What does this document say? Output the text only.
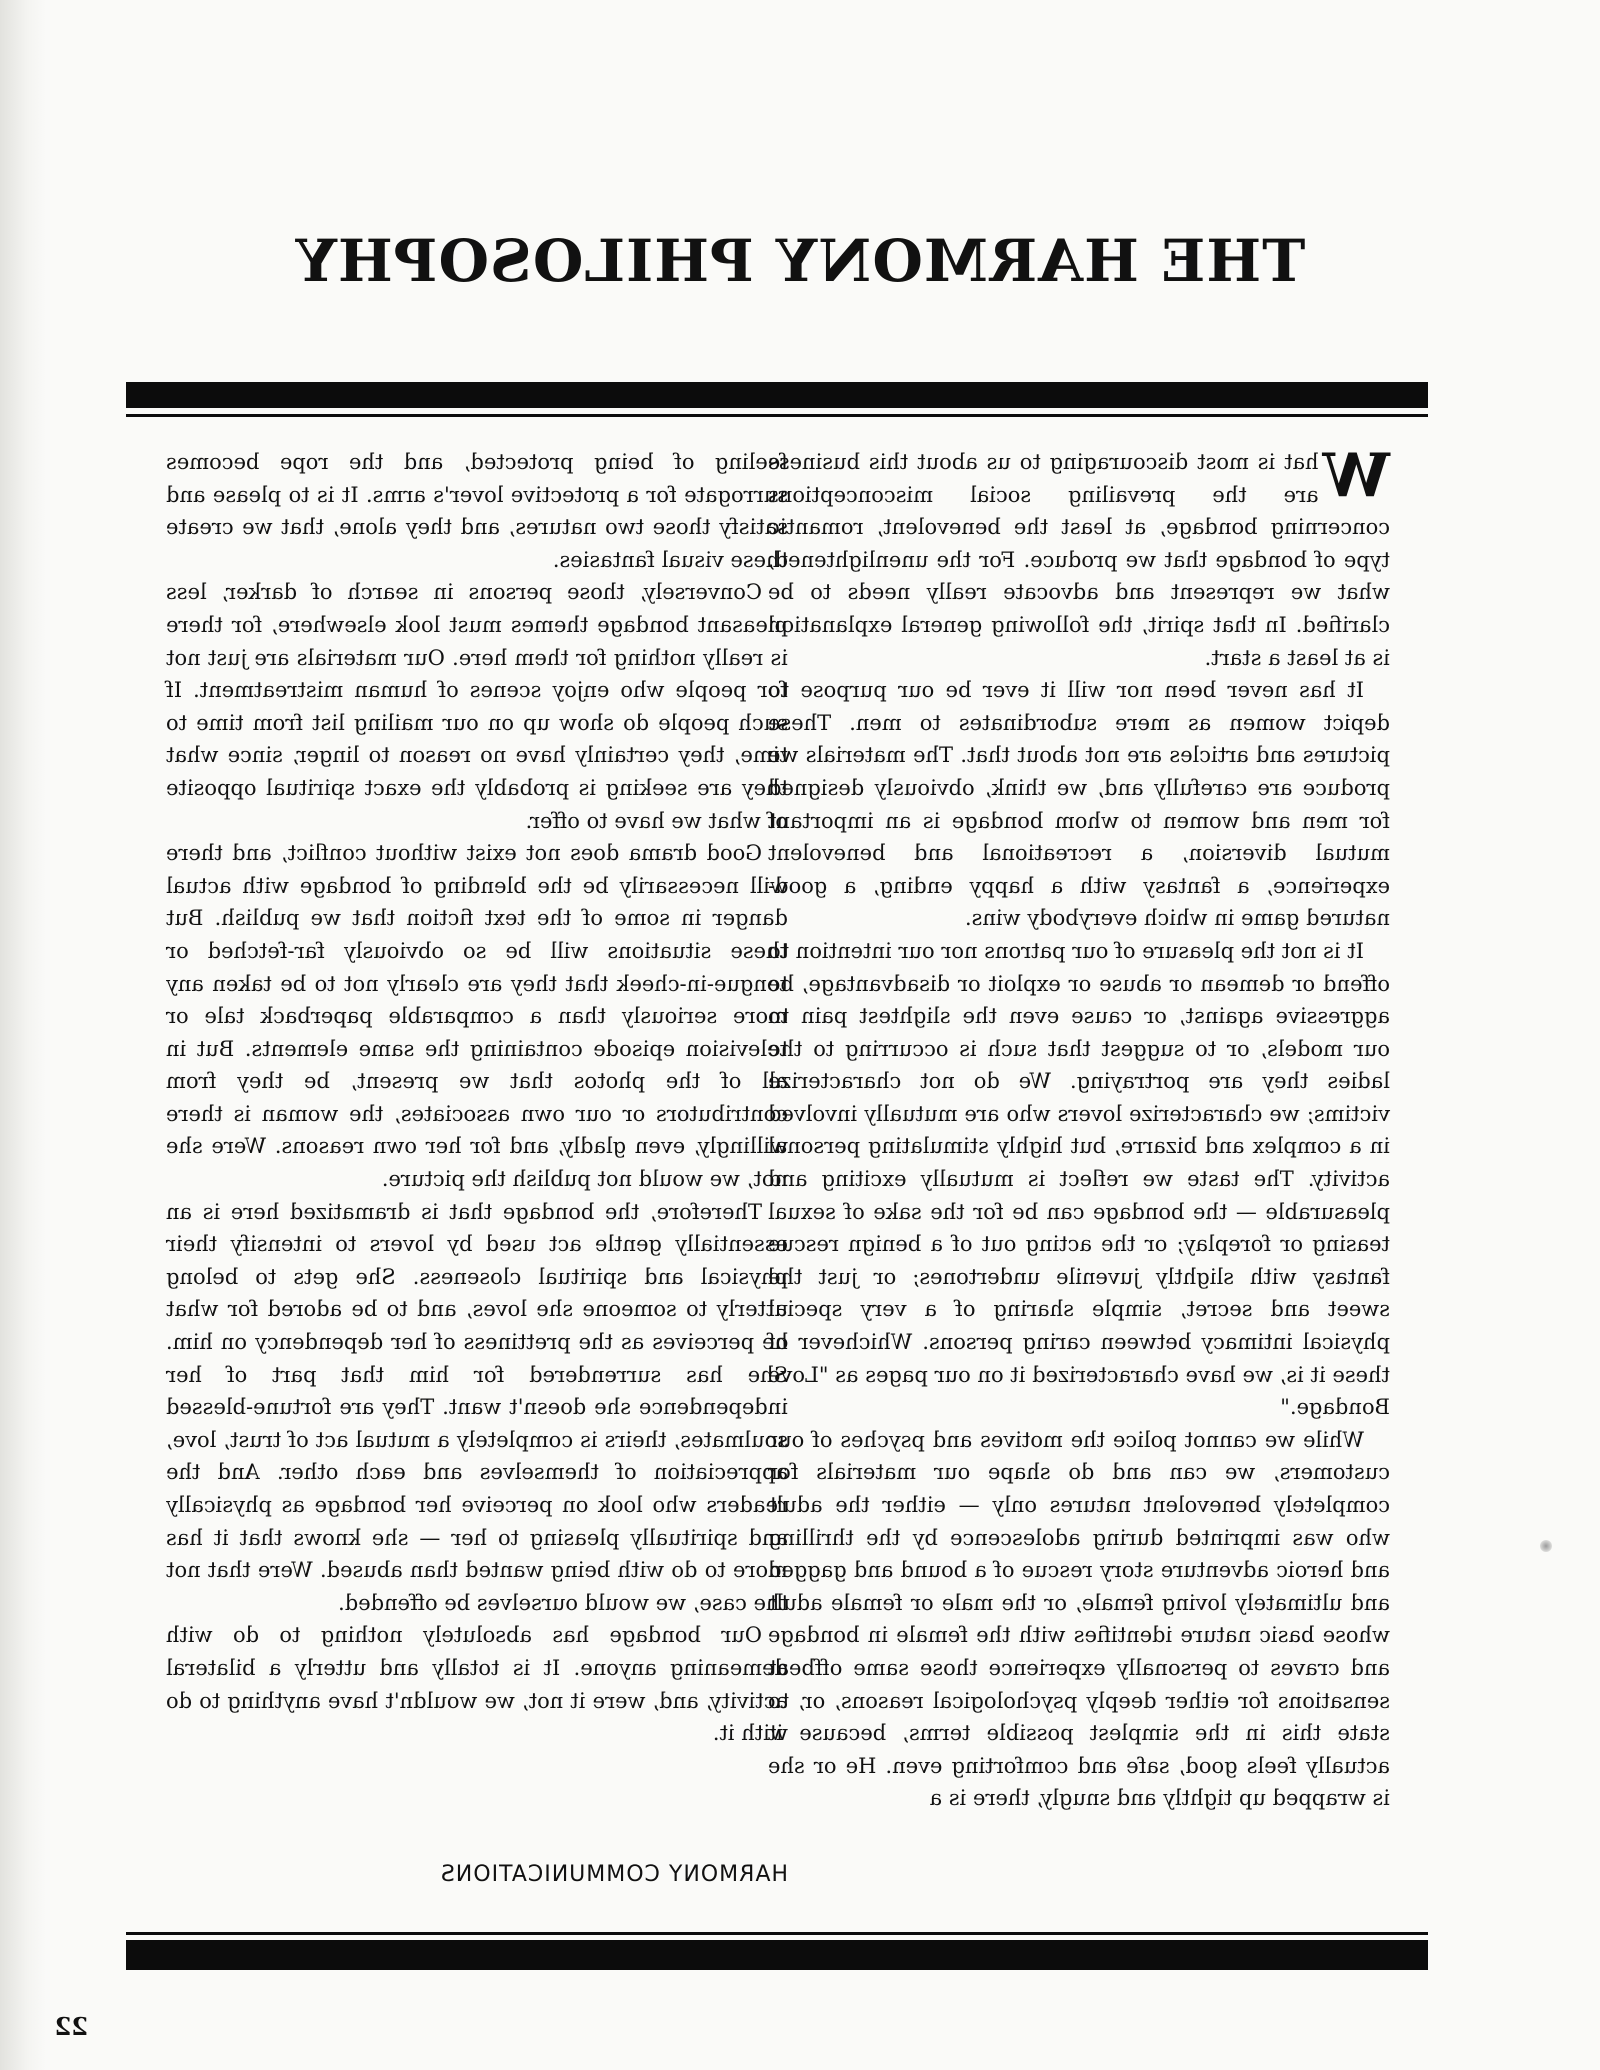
THE HARMONY PHILOSOPHY

W
hat is most discouraging to us about this business are the prevailing social misconceptions concerning bondage, at least the benevolent, romantic type of bondage that we produce. For the unenlightened, what we represent and advocate really needs to be clarified. In that spirit, the following general explanation is at least a start.

It has never been nor will it ever be our purpose to depict women as mere subordinates to men. These pictures and articles are not about that. The materials we produce are carefully and, we think, obviously designed for men and women to whom bondage is an important mutual diversion, a recreational and benevolent experience, a fantasy with a happy ending, a good-natured game in which everybody wins.

It is not the pleasure of our patrons nor our intention to offend or demean or abuse or exploit or disadvantage, be aggressive against, or cause even the slightest pain to our models, or to suggest that such is occurring to the ladies they are portraying. We do not characterize victims; we characterize lovers who are mutually involved in a complex and bizarre, but highly stimulating personal activity. The taste we reflect is mutually exciting and pleasurable — the bondage can be for the sake of sexual teasing or foreplay; or the acting out of a benign rescue fantasy with slightly juvenile undertones; or just the sweet and secret, simple sharing of a very special physical intimacy between caring persons. Whichever of these it is, we have characterized it on our pages as "Love Bondage."

While we cannot police the motives and psyches of our customers, we can and do shape our materials for completely benevolent natures only — either the adult who was imprinted during adolescence by the thrilling and heroic adventure story rescue of a bound and gagged and ultimately loving female, or the male or female adult whose basic nature identifies with the female in bondage and craves to personally experience those same offbeat sensations for either deeply psychological reasons, or, to state this in the simplest possible terms, because it actually feels good, safe and comforting even. He or she is wrapped up tightly and snugly, there is a

feeling of being protected, and the rope becomes surrogate for a protective lover's arms. It is to please and satisfy those two natures, and they alone, that we create these visual fantasies.

Conversely, those persons in search of darker, less pleasant bondage themes must look elsewhere, for there is really nothing for them here. Our materials are just not for people who enjoy scenes of human mistreatment. If such people do show up on our mailing list from time to time, they certainly have no reason to linger, since what they are seeking is probably the exact spiritual opposite of what we have to offer.

Good drama does not exist without conflict, and there will necessarily be the blending of bondage with actual danger in some of the text fiction that we publish. But these situations will be so obviously far-fetched or tongue-in-cheek that they are clearly not to be taken any more seriously than a comparable paperback tale or television episode containing the same elements. But in all of the photos that we present, be they from contributors or our own associates, the woman is there willingly, even gladly, and for her own reasons. Were she not, we would not publish the picture.

Therefore, the bondage that is dramatized here is an essentially gentle act used by lovers to intensify their physical and spiritual closeness. She gets to belong utterly to someone she loves, and to be adored for what he perceives as the prettiness of her dependency on him. She has surrendered for him that part of her independence she doesn't want. They are fortune-blessed soulmates, theirs is completely a mutual act of trust, love, appreciation of themselves and each other. And the readers who look on perceive her bondage as physically and spiritually pleasing to her — she knows that it has more to do with being wanted than abused. Were that not the case, we would ourselves be offended.

Our bondage has absolutely nothing to do with demeaning anyone. It is totally and utterly a bilateral activity, and, were it not, we wouldn't have anything to do with it.

HARMONY COMMUNICATIONS
22
